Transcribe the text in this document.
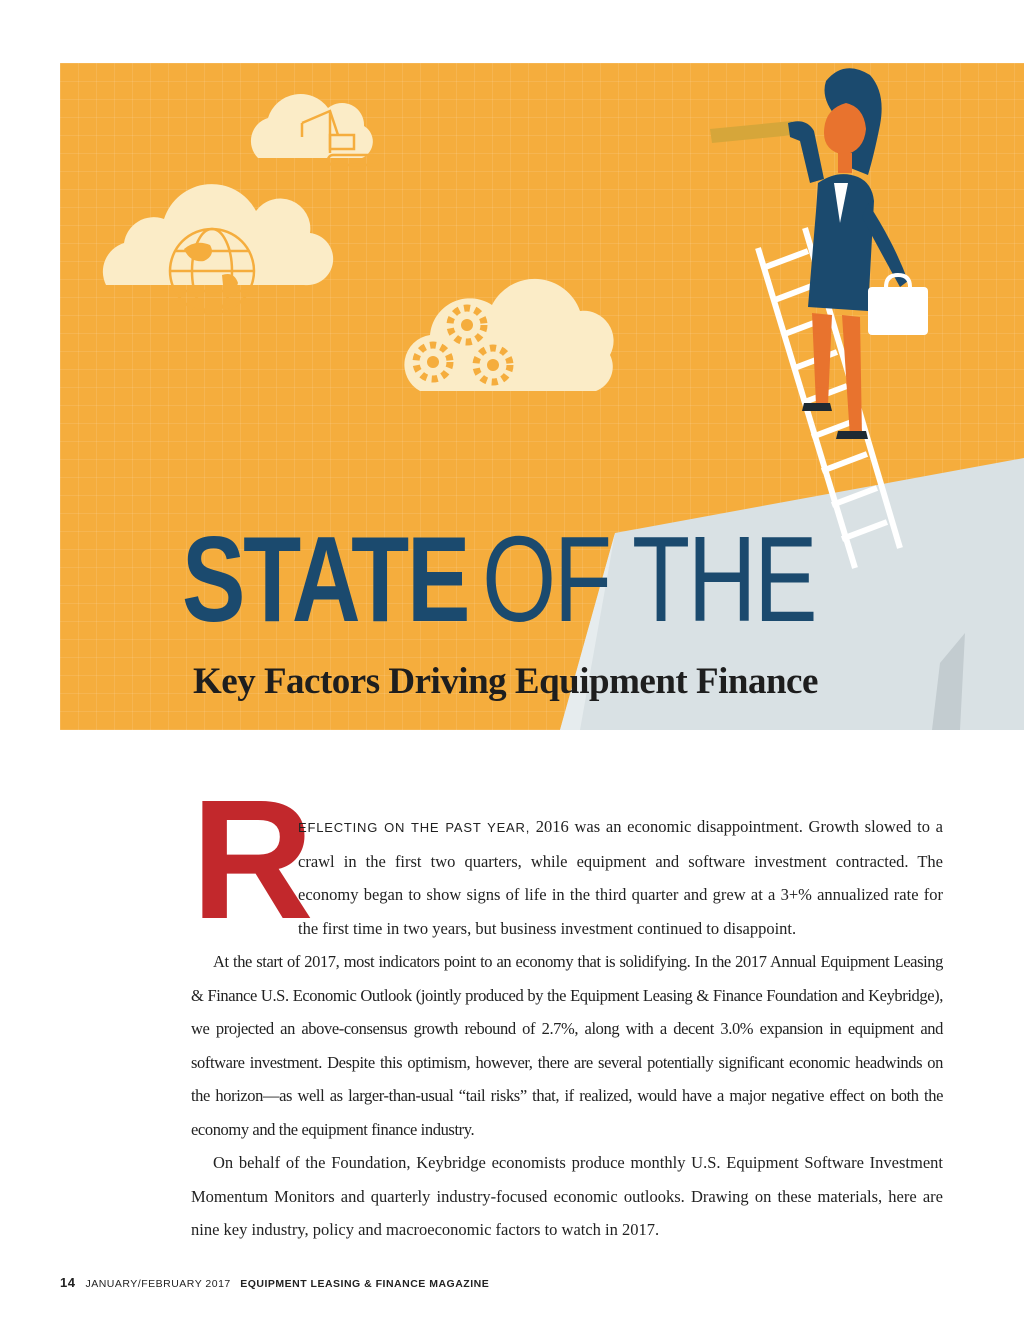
STATE OF THE
Key Factors Driving Equipment Finance
R

EFLECTING ON THE PAST YEAR, 2016 was an economic disappointment. Growth slowed to a crawl in the first two quarters, while equipment and software investment contracted. The economy began to show signs of life in the third quarter and grew at a 3+% annualized rate for the first time in two years, but business investment continued to disappoint.

At the start of 2017, most indicators point to an economy that is solidifying. In the 2017 Annual Equipment Leasing & Finance U.S. Economic Outlook (jointly produced by the Equipment Leasing & Finance Foundation and Keybridge), we projected an above-consensus growth rebound of 2.7%, along with a decent 3.0% expansion in equipment and software investment. Despite this optimism, however, there are several potentially significant economic headwinds on the horizon—as well as larger-than-usual “tail risks” that, if realized, would have a major negative effect on both the economy and the equipment finance industry.

On behalf of the Foundation, Keybridge economists produce monthly U.S. Equipment Software Investment Momentum Monitors and quarterly industry-focused economic outlooks. Drawing on these materials, here are nine key industry, policy and macroeconomic factors to watch in 2017.

14 JANUARY/FEBRUARY 2017 EQUIPMENT LEASING & FINANCE MAGAZINE
